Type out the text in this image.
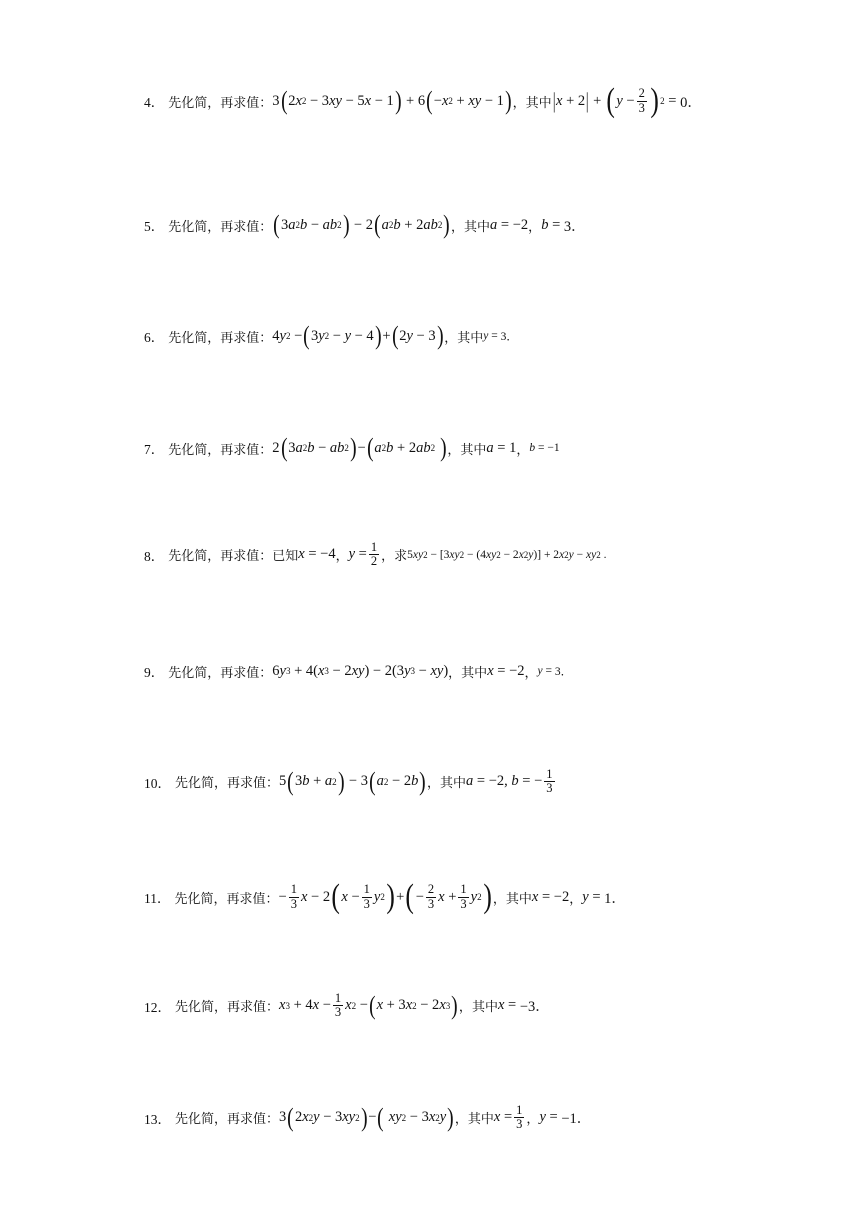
4． 先化简，再求值： 3 ( 2 x 2 − 3 xy − 5 x − 1 ) + 6 ( − x 2 + xy − 1 ) ， 其中 | x + 2 | + ( $y - \frac{2}{3}$ ) 2 = 0．
5． 先化简，再求值： ( 3 a 2 b − ab 2 ) − 2 ( a 2 b + 2 ab 2 ) ， 其中 a = −2 ， b = 3．
6． 先化简，再求值： 4 y 2 − ( 3 y 2 − y − 4 ) + ( 2 y − 3 ) ， 其中 y = 3．
7． 先化简，再求值： 2 ( 3 a 2 b − ab 2 ) − ( a 2 b + 2 ab 2
) ， 其中 a = 1 ， b = −1
8． 先化简，再求值： 已知 x = −4 ， $y = \frac{1}{2}$ ， 求 5 xy 2 − [3 xy 2 − (4 xy 2 − 2 x 2 y )] + 2 x 2 y − xy 2 .
9． 先化简，再求值： 6 y 3 + 4( x 3 − 2 xy ) − 2(3 y 3 − xy ) ， 其中 x = −2 ， y = 3．
10． 先化简，再求值： 5 ( 3 b + a 2 ) − 3 ( a 2 − 2 b ) ， 其中 a = −2, b = − $\frac{1}{3}$
11． 先化简，再求值： − $\frac{1}{3}$ x − 2 ( $x - \frac{1}{3}$ y 2 ) + ( − $\frac{2}{3}$ $x + \frac{1}{3}$ y 2 ) ， 其中 x = −2 ， y = 1．
12． 先化简，再求值： x 3 + 4 $x - \frac{1}{3}$ x 2 − ( x + 3 x 2 − 2 x 3 ) ， 其中 x = −3．
13． 先化简，再求值： 3 ( 2 x 2 y − 3 xy 2 ) − (
xy 2 − 3 x 2 y ) ， 其中 $x = \frac{1}{3}$ ， y = −1．
